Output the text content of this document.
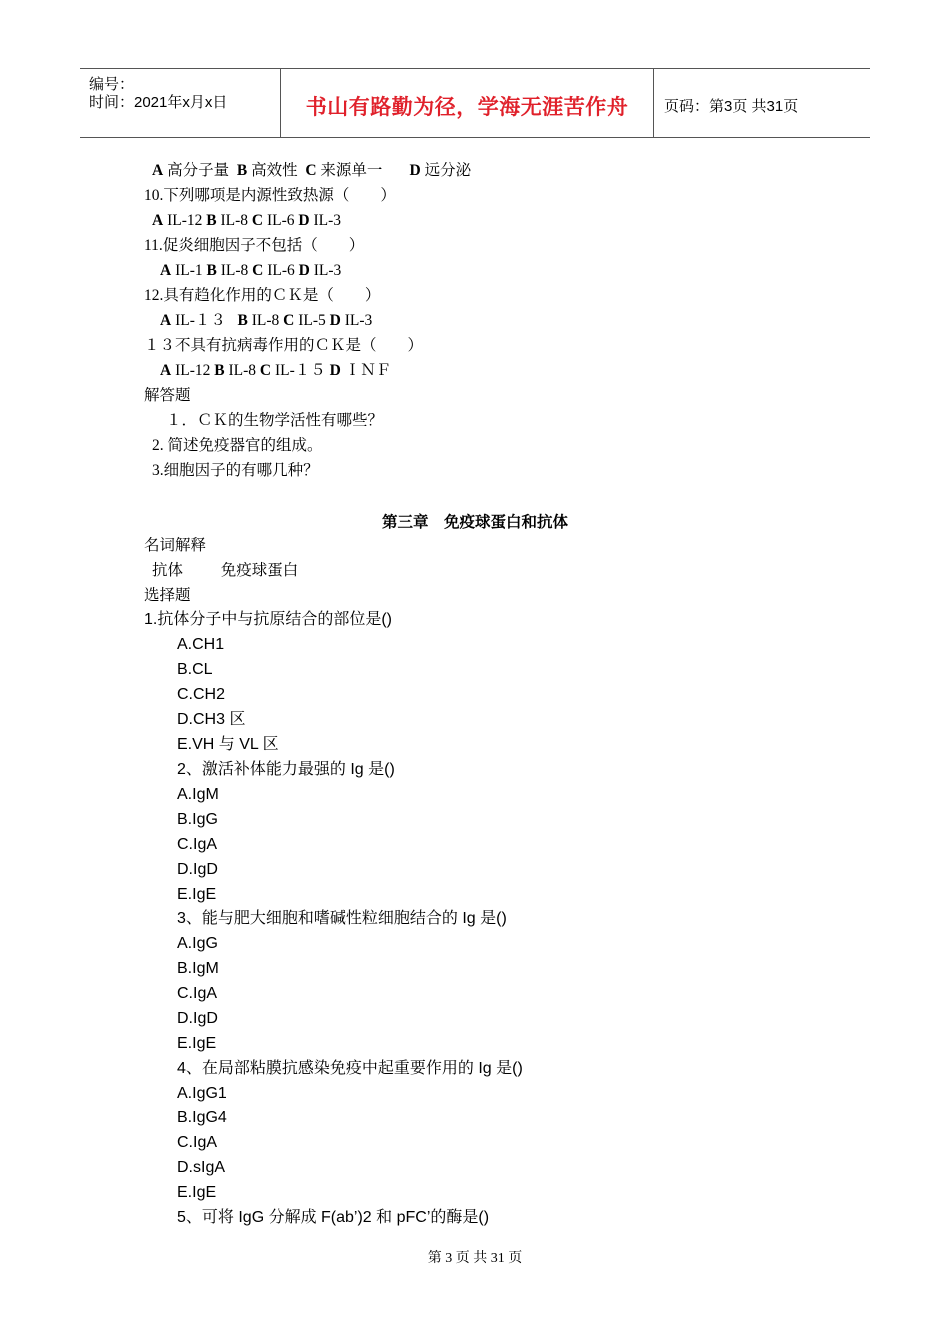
编号：
时间：2021年x月x日	书山有路勤为径，学海无涯苦作舟	页码：第3页 共31页
A 高分子量 B 高效性 C 来源单一 D 远分泌
10.下列哪项是内源性致热源（　　）
A IL-12 B IL-8 C IL-6 D IL-3
11.促炎细胞因子不包括（　　）
A IL-1 B IL-8 C IL-6 D IL-3
12.具有趋化作用的ＣＫ是（　　）
A IL-１３ B IL-8 C IL-5 D IL-3
１３不具有抗病毒作用的ＣＫ是（　　）
A IL-12 B IL-8 C IL-１５ D ＩＮＦ
解答题
１．ＣＫ的生物学活性有哪些？
2. 简述免疫器官的组成。
3.细胞因子的有哪几种？
第三章　免疫球蛋白和抗体
名词解释
抗体 免疫球蛋白
选择题
1.抗体分子中与抗原结合的部位是()
A.CH1
B.CL
C.CH2
D.CH3 区
E.VH 与 VL 区
2、激活补体能力最强的 Ig 是()
A.IgM
B.IgG
C.IgA
D.IgD
E.IgE
3、能与肥大细胞和嗜碱性粒细胞结合的 Ig 是()
A.IgG
B.IgM
C.IgA
D.IgD
E.IgE
4、在局部粘膜抗感染免疫中起重要作用的 Ig 是()
A.IgG1
B.IgG4
C.IgA
D.sIgA
E.IgE
5、可将 IgG 分解成 F(ab’)2 和 pFC’的酶是()
第 3 页 共 31 页
